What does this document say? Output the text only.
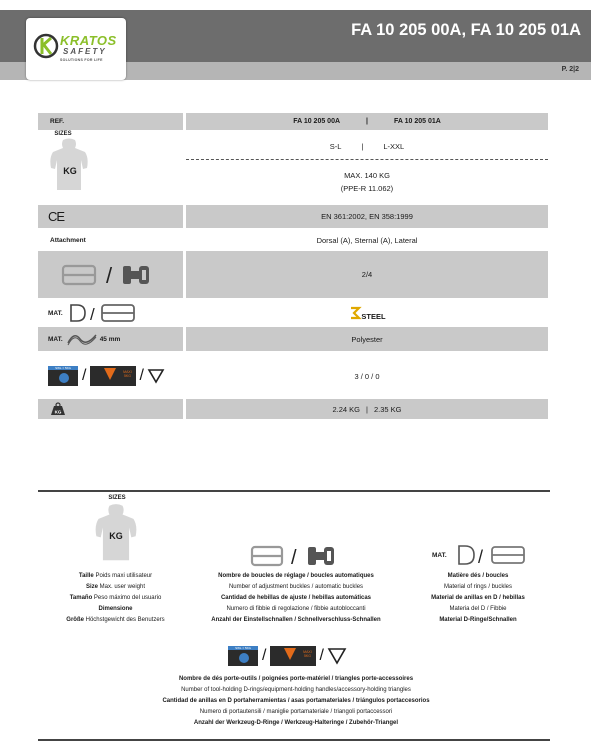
KRATOS
SAFETY
SOLUTIONS FOR LIFE
FA 10 205 00A, FA 10 205 01A
P. 2|2
REF.	FA 10 205 00A	|	FA 10 205 01A
SIZES
KG
S-L	|	L-XXL
MAX. 140 KG
(PPE-R 11.062)
CE	EN 361:2002, EN 358:1999
Attachment	Dorsal (A), Sternal (A), Lateral
/	2/4
MAT. /	STEEL
MAT.	45 mm	Polyester
SWL = 5KG /	MAXI 5KG /	3 / 0 / 0
KG	2.24 KG | 2.35 KG
SIZES
KG
/	MAT. /
Taille Poids maxi utilisateur
Size Max. user weight
Tamaño Peso máximo del usuario
Dimensione
Größe Höchstgewicht des Benutzers
Nombre de boucles de réglage / boucles automatiques
Number of adjustment buckles / automatic buckles
Cantidad de hebillas de ajuste / hebillas automáticas
Numero di fibbie di regolazione / fibbie autobloccanti
Anzahl der Einstellschnallen / Schnellverschluss-Schnallen
Matière dés / boucles
Material of rings / buckles
Material de anillas en D / hebillas
Materia del D / Fibbie
Material D-Ringe/Schnallen
SWL = 5KG /	MAXI 5KG /
Nombre de dés porte-outils / poignées porte-matériel / triangles porte-accessoires
Number of tool-holding D-rings/equipment-holding handles/accessory-holding triangles
Cantidad de anillas en D portaherramientas / asas portamateriales / triángulos portaccesorios
Numero di portautensili / maniglie portamateriale / triangoli portaccessori
Anzahl der Werkzeug-D-Ringe / Werkzeug-Halteringe / Zubehör-Triangel
